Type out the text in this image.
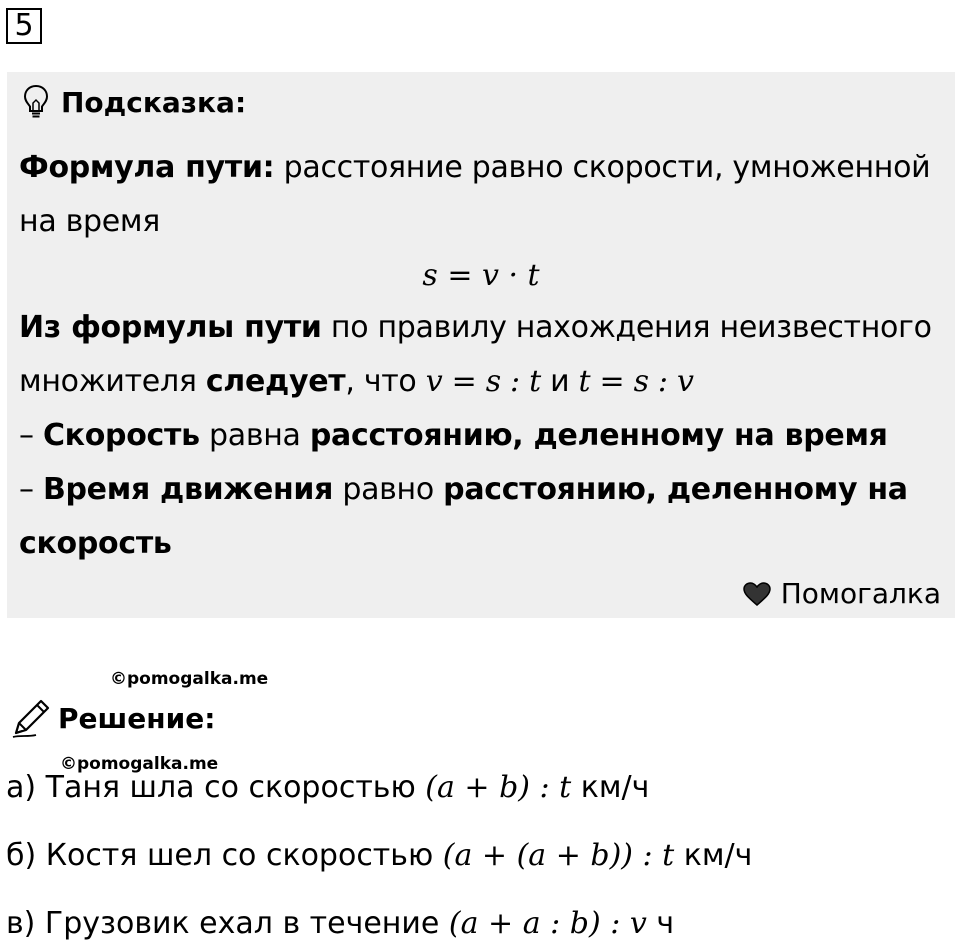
5
Подсказка:
Формула пути: расстояние равно скорости, умноженной
на время
s = v · t
Из формулы пути по правилу нахождения неизвестного
множителя следует, что v = s : t и t = s : v
– Скорость равна расстоянию, деленному на время
– Время движения равно расстоянию, деленному на
скорость
Помогалка
©pomogalka.me
Решение:
©pomogalka.me
а) Таня шла со скоростью (a + b) : t км/ч
б) Костя шел со скоростью (a + (a + b)) : t км/ч
в) Грузовик ехал в течение (a + a : b) : v ч
